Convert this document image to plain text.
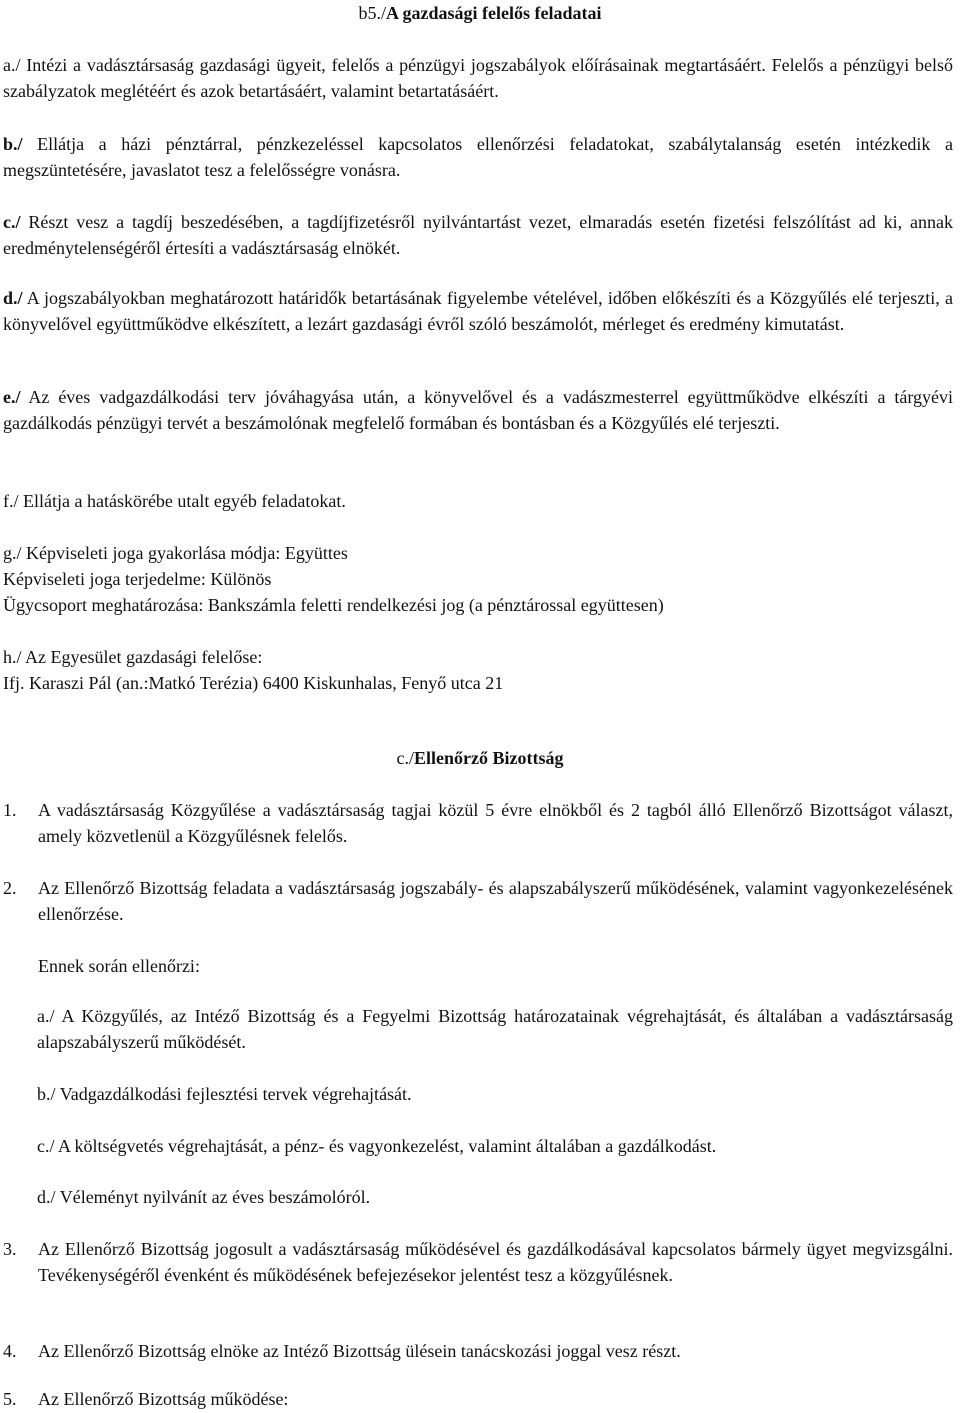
b5./A gazdasági felelős feladatai

a./ Intézi a vadásztársaság gazdasági ügyeit, felelős a pénzügyi jogszabályok előírásainak megtartásáért. Felelős a pénzügyi belső szabályzatok meglétéért és azok betartásáért, valamint betartatásáért.

b./ Ellátja a házi pénztárral, pénzkezeléssel kapcsolatos ellenőrzési feladatokat, szabálytalanság esetén intézkedik a megszüntetésére, javaslatot tesz a felelősségre vonásra.

c./ Részt vesz a tagdíj beszedésében, a tagdíjfizetésről nyilvántartást vezet, elmaradás esetén fizetési felszólítást ad ki, annak eredménytelenségéről értesíti a vadásztársaság elnökét.

d./ A jogszabályokban meghatározott határidők betartásának figyelembe vételével, időben előkészíti és a Közgyűlés elé terjeszti, a könyvelővel együttműködve elkészített, a lezárt gazdasági évről szóló beszámolót, mérleget és eredmény kimutatást.

e./ Az éves vadgazdálkodási terv jóváhagyása után, a könyvelővel és a vadászmesterrel együttműködve elkészíti a tárgyévi gazdálkodás pénzügyi tervét a beszámolónak megfelelő formában és bontásban és a Közgyűlés elé terjeszti.

f./ Ellátja a hatáskörébe utalt egyéb feladatokat.

g./ Képviseleti joga gyakorlása módja: Együttes

Képviseleti joga terjedelme: Különös

Ügycsoport meghatározása: Bankszámla feletti rendelkezési jog (a pénztárossal együttesen)

h./ Az Egyesület gazdasági felelőse:

Ifj. Karaszi Pál (an.:Matkó Terézia) 6400 Kiskunhalas, Fenyő utca 21

c./Ellenőrző Bizottság

1. A vadásztársaság Közgyűlése a vadásztársaság tagjai közül 5 évre elnökből és 2 tagból álló Ellenőrző Bizottságot választ, amely közvetlenül a Közgyűlésnek felelős.
2. Az Ellenőrző Bizottság feladata a vadásztársaság jogszabály- és alapszabályszerű működésének, valamint vagyonkezelésének ellenőrzése.

Ennek során ellenőrzi:

a./ A Közgyűlés, az Intéző Bizottság és a Fegyelmi Bizottság határozatainak végrehajtását, és általában a vadásztársaság alapszabályszerű működését.
b./ Vadgazdálkodási fejlesztési tervek végrehajtását.
c./ A költségvetés végrehajtását, a pénz- és vagyonkezelést, valamint általában a gazdálkodást.
d./ Véleményt nyilvánít az éves beszámolóról.
3. Az Ellenőrző Bizottság jogosult a vadásztársaság működésével és gazdálkodásával kapcsolatos bármely ügyet megvizsgálni. Tevékenységéről évenként és működésének befejezésekor jelentést tesz a közgyűlésnek.
4. Az Ellenőrző Bizottság elnöke az Intéző Bizottság ülésein tanácskozási joggal vesz részt.
5. Az Ellenőrző Bizottság működése:
